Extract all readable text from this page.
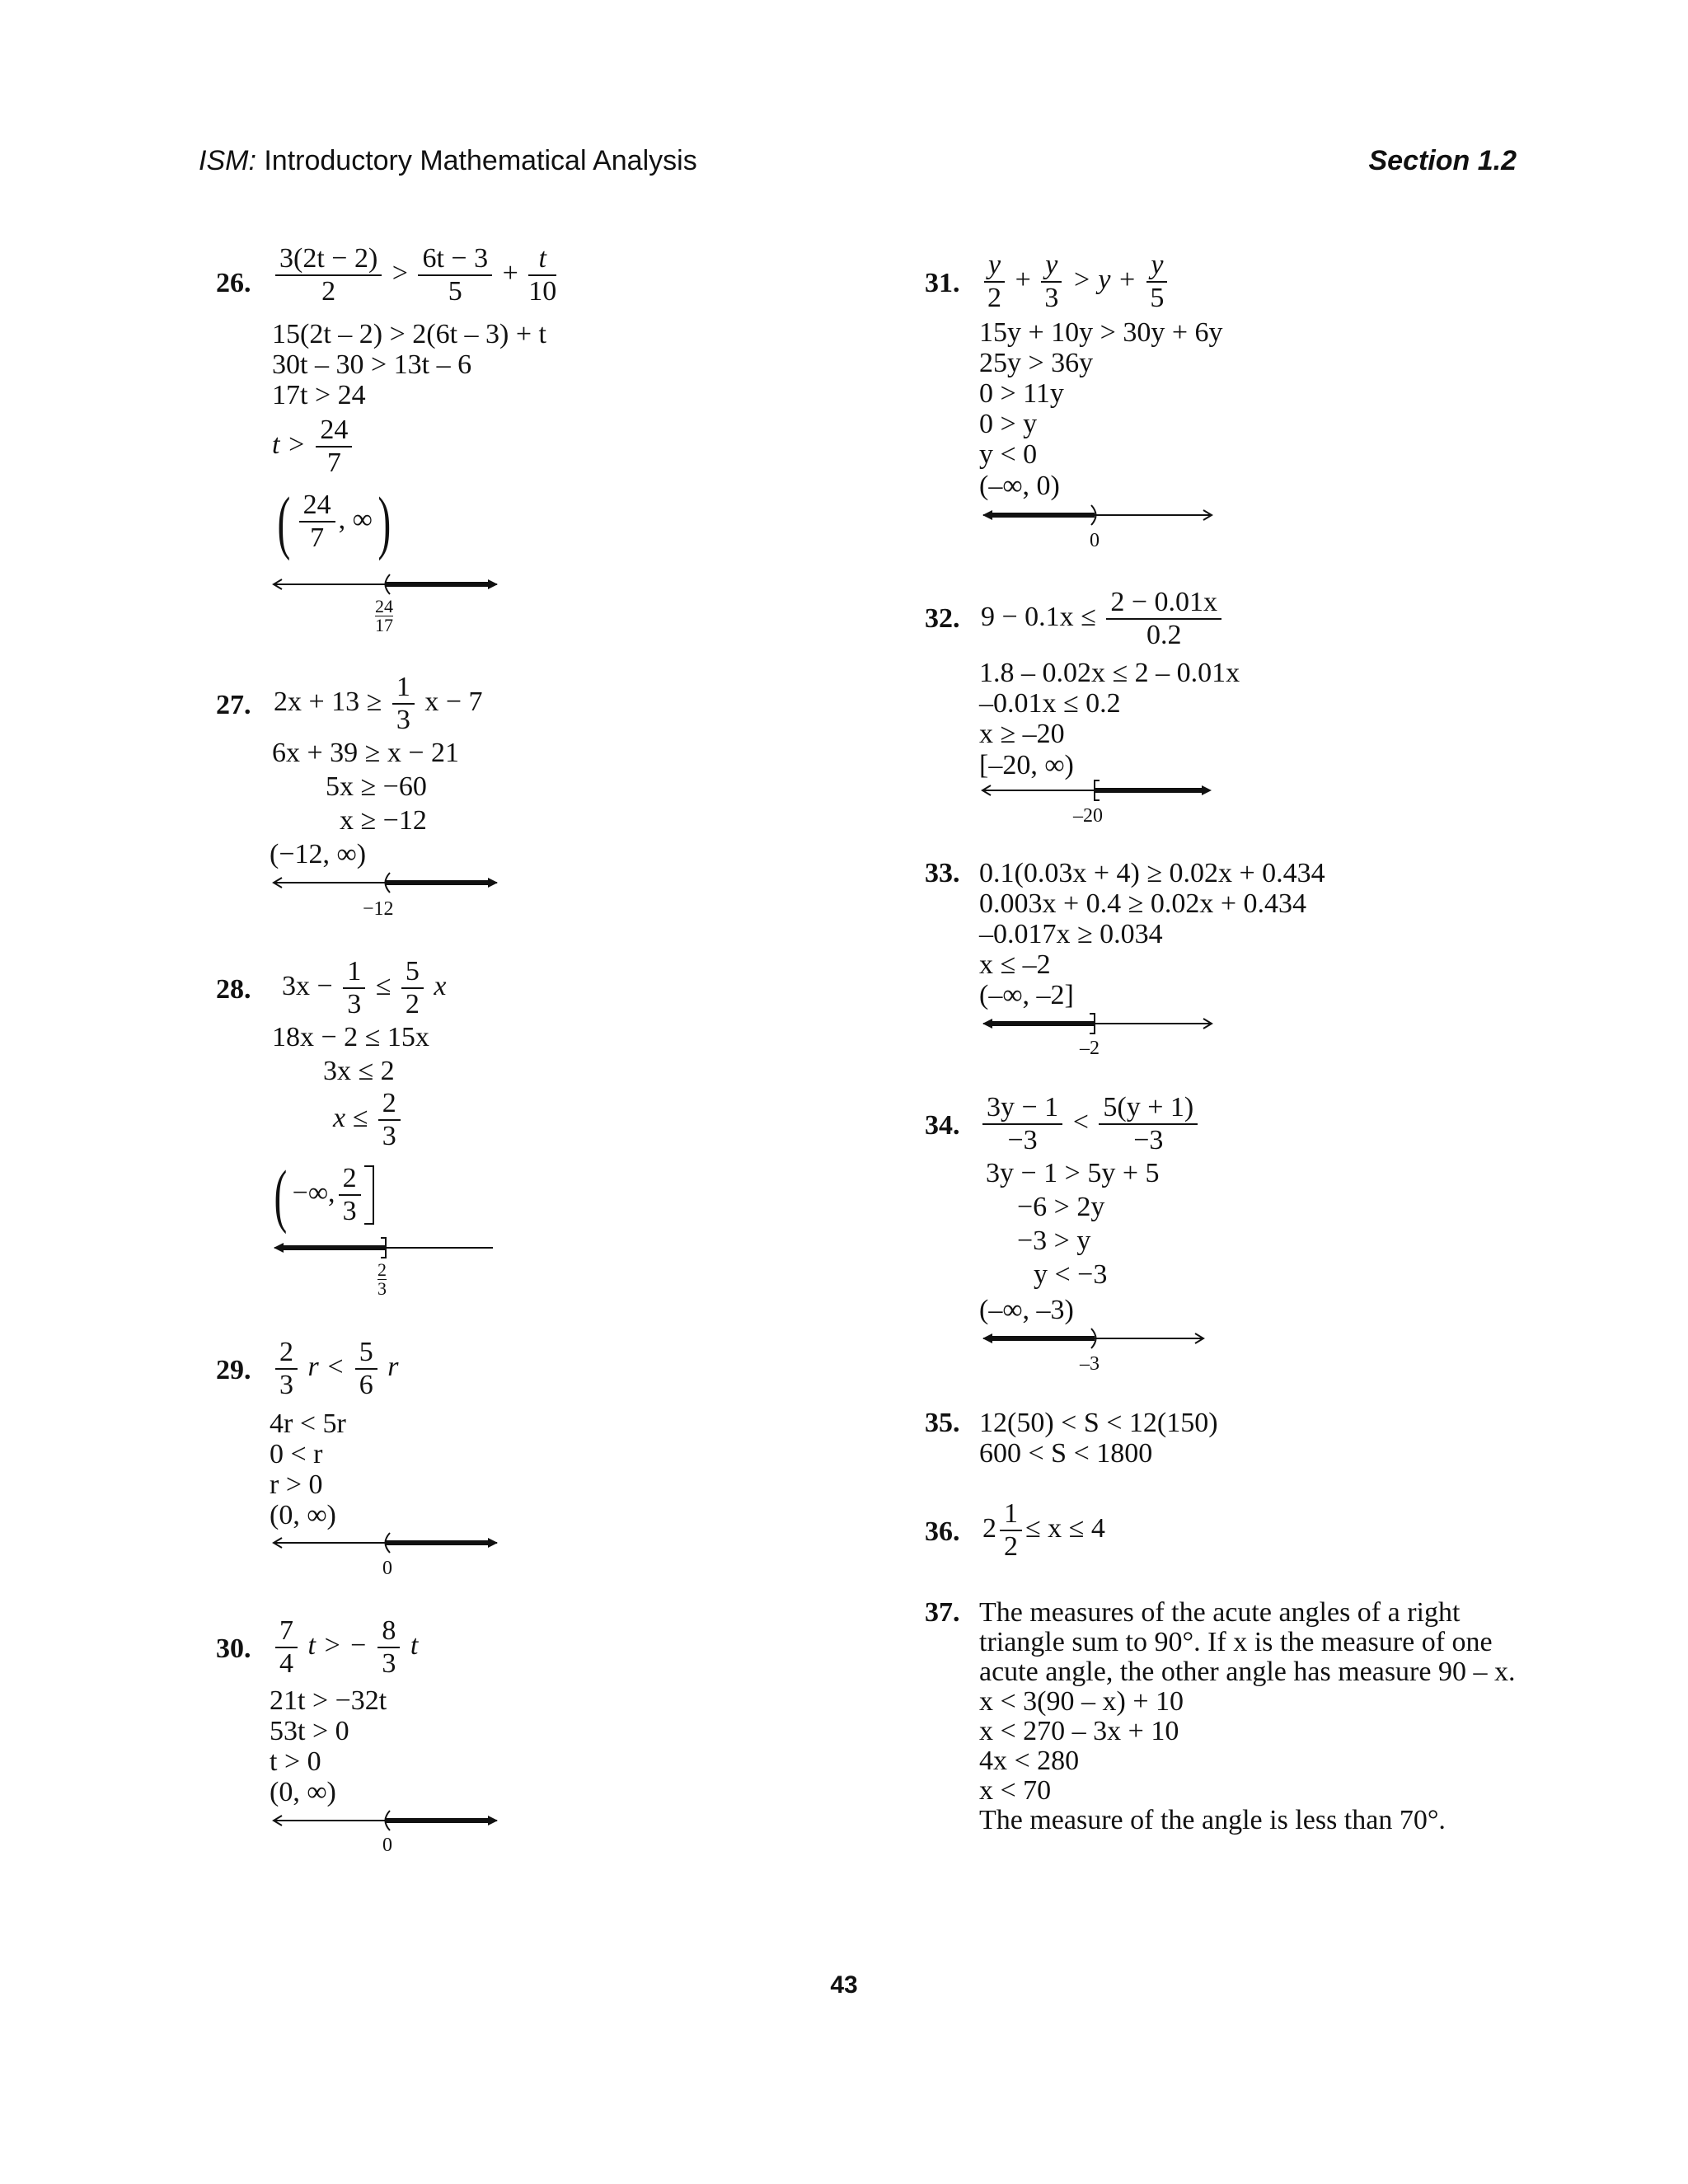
ISM: Introductory Mathematical Analysis	Section 1.2
26. $\frac{3(2t - 2)}{2} > \frac{6t - 3}{5} + \frac{t}{10}$
15(2t – 2) > 2(6t – 3) + t
30t – 30 > 13t – 6
17t > 24
$t > \frac{24}{7}$
( $\frac{24}{7}$ , ∞)
$\frac{24}{17}$
27. $2x + 13 \ge \frac{1}{3}$ x − 7
6x + 39 ≥ x − 21
5x ≥ −60
x ≥ −12
(−12, ∞)
−12
28. $3x - \frac{1}{3} \le \frac{5}{2}$ x
18x − 2 ≤ 15x
3x ≤ 2
$x \le \frac{2}{3}$
( −∞, $\frac{2}{3}$
$\frac{2}{3}$
29. $\frac{2}{3}$ $r < \frac{5}{6}$ r
4r < 5r
0 < r
r > 0
(0, ∞)
0
30. $\frac{7}{4}$ t > − $\frac{8}{3}$ t
21t > −32t
53t > 0
t > 0
(0, ∞)
0
31. $\frac{y}{2} + \frac{y}{3} > y + \frac{y}{5}$
15y + 10y > 30y + 6y
25y > 36y
0 > 11y
0 > y
y < 0
(–∞, 0)
0
32. $9 - 0.1x \le \frac{2 - 0.01x}{0.2}$
1.8 – 0.02x ≤ 2 – 0.01x
–0.01x ≤ 0.2
x ≥ –20
[–20, ∞)
–20
33. 0.1(0.03x + 4) ≥ 0.02x + 0.434
0.003x + 0.4 ≥ 0.02x + 0.434
–0.017x ≥ 0.034
x ≤ –2
(–∞, –2]
–2
34. $\frac{3y - 1}{-3} < \frac{5(y + 1)}{-3}$
3y − 1 > 5y + 5
−6 > 2y
−3 > y
y < −3
(–∞, –3)
–3
35. 12(50) < S < 12(150)
600 < S < 1800
36. $2 \frac{1}{2} \le x \le 4$
37. The measures of the acute angles of a right
triangle sum to 90°. If x is the measure of one
acute angle, the other angle has measure 90 – x.
x < 3(90 – x) + 10
x < 270 – 3x + 10
4x < 280
x < 70
The measure of the angle is less than 70°.
43
